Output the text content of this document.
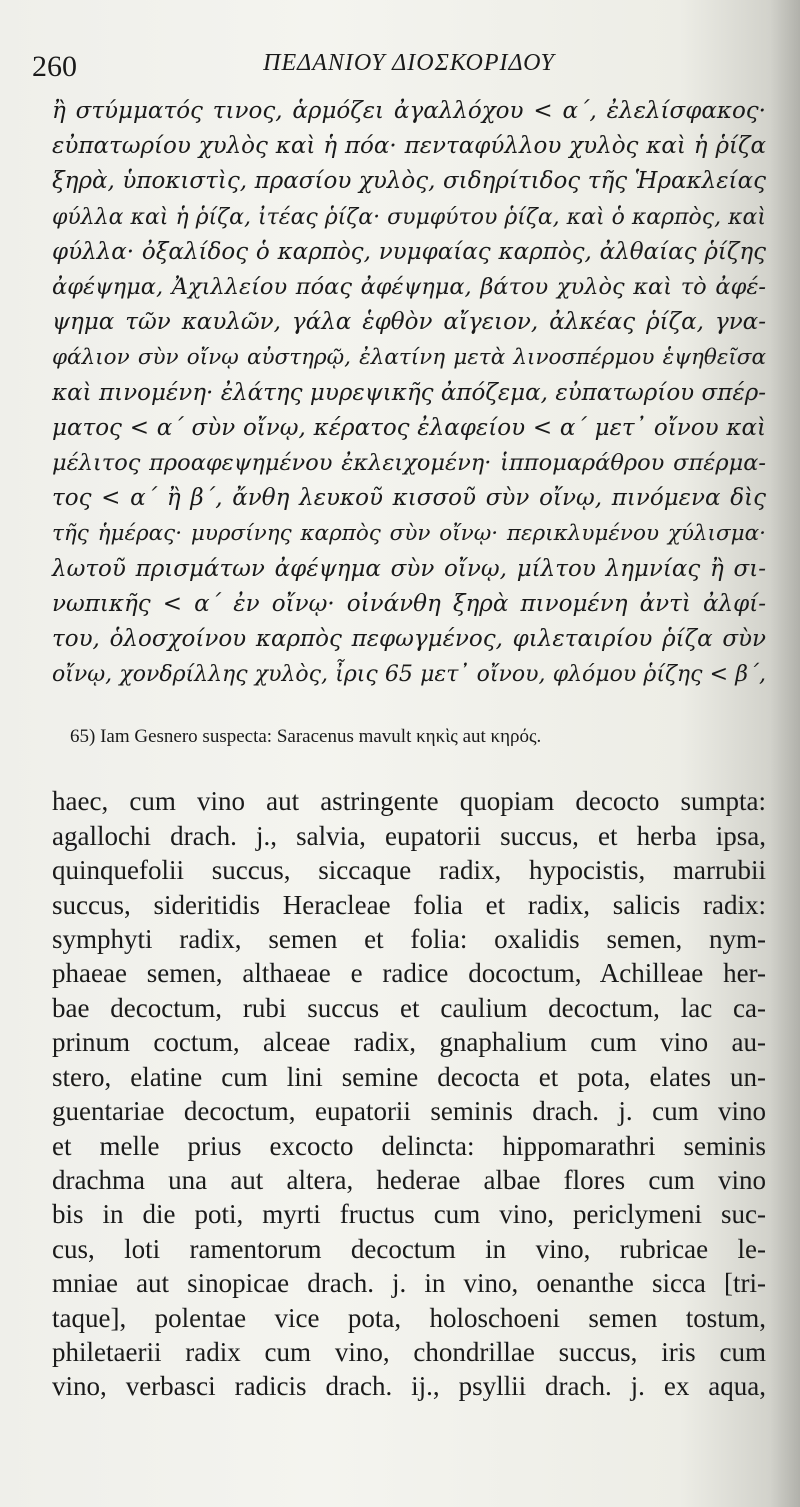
260	ΠΕΔΑΝΙΟΥ ΔΙΟΣΚΟΡΙΔΟΥ
ἢ στύμματός τινος, ἁρμόζει ἀγαλλόχου < α΄, ἐλελίσφακος·
εὐπατωρίου χυλὸς καὶ ἡ πόα· πενταφύλλου χυλὸς καὶ ἡ ῥίζα
ξηρὰ, ὑποκιστὶς, πρασίου χυλὸς, σιδηρίτιδος τῆς Ἡρακλείας
φύλλα καὶ ἡ ῥίζα, ἰτέας ῥίζα· συμφύτου ῥίζα, καὶ ὁ καρπὸς, καὶ
φύλλα· ὀξαλίδος ὁ καρπὸς, νυμφαίας καρπὸς, ἀλθαίας ῥίζης
ἀφέψημα, Ἀχιλλείου πόας ἀφέψημα, βάτου χυλὸς καὶ τὸ ἀφέ-
ψημα τῶν καυλῶν, γάλα ἑφθὸν αἴγειον, ἀλκέας ῥίζα, γνα-
φάλιον σὺν οἴνῳ αὐστηρῷ, ἐλατίνη μετὰ λινοσπέρμου ἑψηθεῖσα
καὶ πινομένη· ἐλάτης μυρεψικῆς ἀπόζεμα, εὐπατωρίου σπέρ-
ματος < α΄ σὺν οἴνῳ, κέρατος ἐλαφείου < α΄ μετ᾽ οἴνου καὶ
μέλιτος προαφεψημένου ἐκλειχομένη· ἱππομαράθρου σπέρμα-
τος < α΄ ἢ β΄, ἄνθη λευκοῦ κισσοῦ σὺν οἴνῳ, πινόμενα δὶς
τῆς ἡμέρας· μυρσίνης καρπὸς σὺν οἴνῳ· περικλυμένου χύλισμα·
λωτοῦ πρισμάτων ἀφέψημα σὺν οἴνῳ, μίλτου λημνίας ἢ σι-
νωπικῆς < α΄ ἐν οἴνῳ· οἰνάνθη ξηρὰ πινομένη ἀντὶ ἀλφί-
του, ὁλοσχοίνου καρπὸς πεφωγμένος, φιλεταιρίου ῥίζα σὺν
οἴνῳ, χονδρίλλης χυλὸς, ἶρις 65 μετ᾽ οἴνου, φλόμου ῥίζης < β΄,
65) Iam Gesnero suspecta: Saracenus mavult κηκὶς aut κηρός.
haec, cum vino aut astringente quopiam decocto sumpta:
agallochi drach. j., salvia, eupatorii succus, et herba ipsa,
quinquefolii succus, siccaque radix, hypocistis, marrubii
succus, sideritidis Heracleae folia et radix, salicis radix:
symphyti radix, semen et folia: oxalidis semen, nym-
phaeae semen, althaeae e radice dococtum, Achilleae her-
bae decoctum, rubi succus et caulium decoctum, lac ca-
prinum coctum, alceae radix, gnaphalium cum vino au-
stero, elatine cum lini semine decocta et pota, elates un-
guentariae decoctum, eupatorii seminis drach. j. cum vino
et melle prius excocto delincta: hippomarathri seminis
drachma una aut altera, hederae albae flores cum vino
bis in die poti, myrti fructus cum vino, periclymeni suc-
cus, loti ramentorum decoctum in vino, rubricae le-
mniae aut sinopicae drach. j. in vino, oenanthe sicca [tri-
taque], polentae vice pota, holoschoeni semen tostum,
philetaerii radix cum vino, chondrillae succus, iris cum
vino, verbasci radicis drach. ij., psyllii drach. j. ex aqua,
